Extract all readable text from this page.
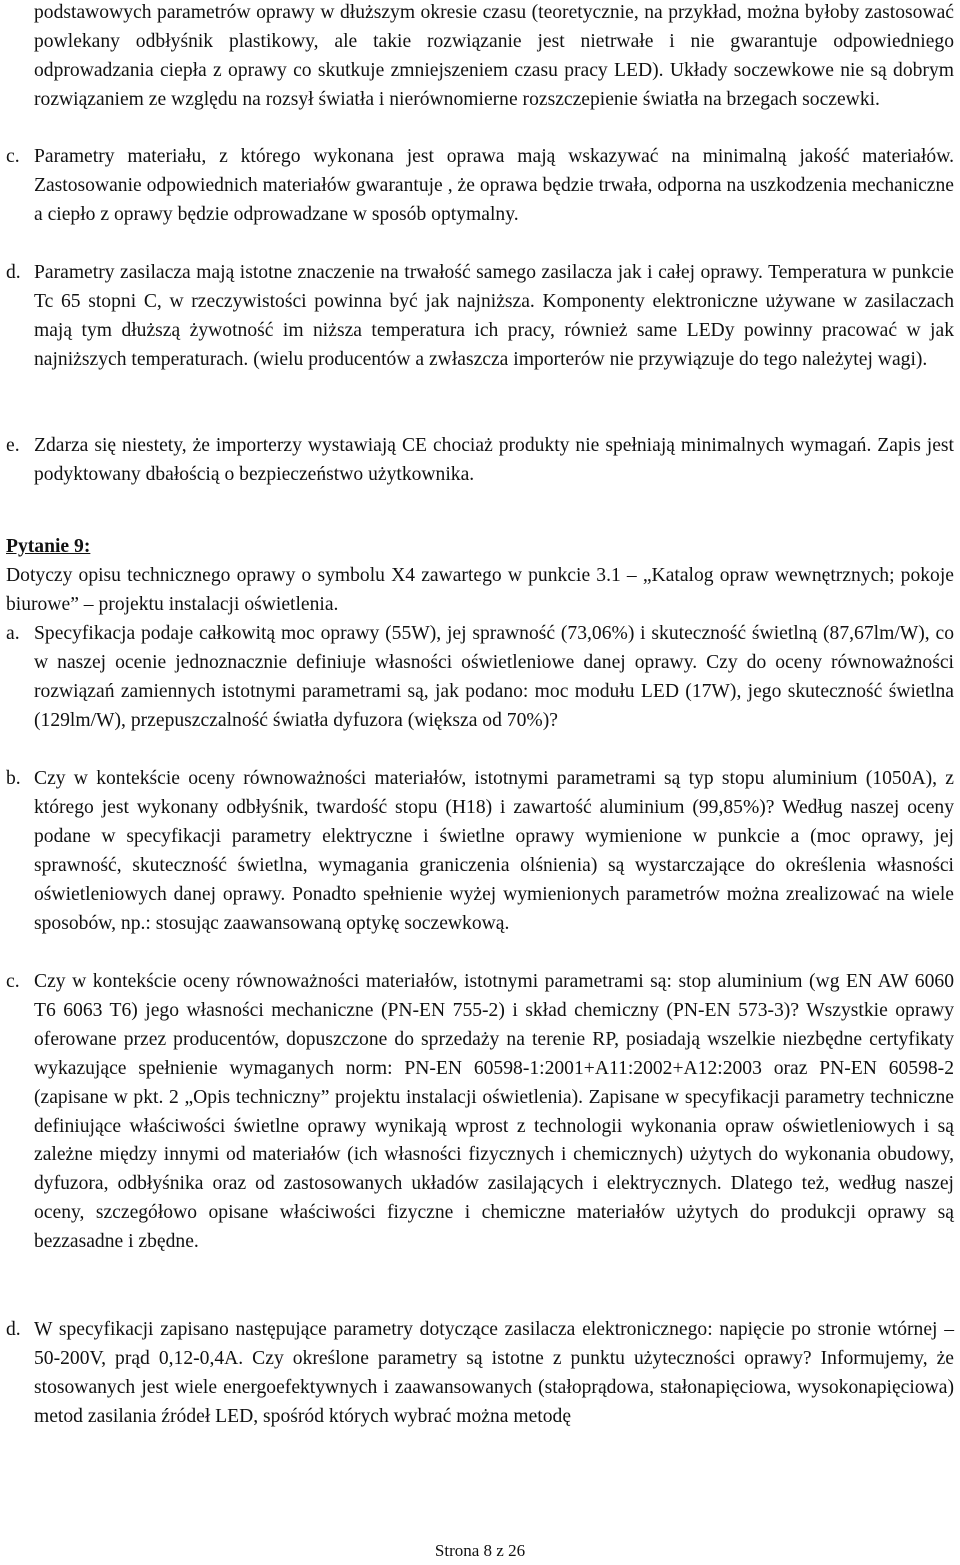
podstawowych parametrów oprawy w dłuższym okresie czasu (teoretycznie, na przykład, można byłoby zastosować powlekany odbłyśnik plastikowy, ale takie rozwiązanie jest nietrwałe i nie gwarantuje odpowiedniego odprowadzania ciepła z oprawy co skutkuje zmniejszeniem czasu pracy LED). Układy soczewkowe nie są dobrym rozwiązaniem ze względu na rozsył światła i nierównomierne rozszczepienie światła na brzegach soczewki.

c. Parametry materiału, z którego wykonana jest oprawa mają wskazywać na minimalną jakość materiałów. Zastosowanie odpowiednich materiałów gwarantuje , że oprawa będzie trwała, odporna na uszkodzenia mechaniczne a ciepło z oprawy będzie odprowadzane w sposób optymalny.
d. Parametry zasilacza mają istotne znaczenie na trwałość samego zasilacza jak i całej oprawy. Temperatura w punkcie Tc 65 stopni C, w rzeczywistości powinna być jak najniższa. Komponenty elektroniczne używane w zasilaczach mają tym dłuższą żywotność im niższa temperatura ich pracy, również same LEDy powinny pracować w jak najniższych temperaturach. (wielu producentów a zwłaszcza importerów nie przywiązuje do tego należytej wagi).
e. Zdarza się niestety, że importerzy wystawiają CE chociaż produkty nie spełniają minimalnych wymagań. Zapis jest podyktowany dbałością o bezpieczeństwo użytkownika.
Pytanie 9:

Dotyczy opisu technicznego oprawy o symbolu X4 zawartego w punkcie 3.1 – „Katalog opraw wewnętrznych; pokoje biurowe” – projektu instalacji oświetlenia.

a. Specyfikacja podaje całkowitą moc oprawy (55W), jej sprawność (73,06%) i skuteczność świetlną (87,67lm/W), co w naszej ocenie jednoznacznie definiuje własności oświetleniowe danej oprawy. Czy do oceny równoważności rozwiązań zamiennych istotnymi parametrami są, jak podano: moc modułu LED (17W), jego skuteczność świetlna (129lm/W), przepuszczalność światła dyfuzora (większa od 70%)?
b. Czy w kontekście oceny równoważności materiałów, istotnymi parametrami są typ stopu aluminium (1050A), z którego jest wykonany odbłyśnik, twardość stopu (H18) i zawartość aluminium (99,85%)? Według naszej oceny podane w specyfikacji parametry elektryczne i świetlne oprawy wymienione w punkcie a (moc oprawy, jej sprawność, skuteczność świetlna, wymagania graniczenia olśnienia) są wystarczające do określenia własności oświetleniowych danej oprawy. Ponadto spełnienie wyżej wymienionych parametrów można zrealizować na wiele sposobów, np.: stosując zaawansowaną optykę soczewkową.
c. Czy w kontekście oceny równoważności materiałów, istotnymi parametrami są: stop aluminium (wg EN AW 6060 T6 6063 T6) jego własności mechaniczne (PN-EN 755-2) i skład chemiczny (PN-EN 573-3)? Wszystkie oprawy oferowane przez producentów, dopuszczone do sprzedaży na terenie RP, posiadają wszelkie niezbędne certyfikaty wykazujące spełnienie wymaganych norm: PN-EN 60598-1:2001+A11:2002+A12:2003 oraz PN-EN 60598-2 (zapisane w pkt. 2 „Opis techniczny” projektu instalacji oświetlenia). Zapisane w specyfikacji parametry techniczne definiujące właściwości świetlne oprawy wynikają wprost z technologii wykonania opraw oświetleniowych i są zależne między innymi od materiałów (ich własności fizycznych i chemicznych) użytych do wykonania obudowy, dyfuzora, odbłyśnika oraz od zastosowanych układów zasilających i elektrycznych. Dlatego też, według naszej oceny, szczegółowo opisane właściwości fizyczne i chemiczne materiałów użytych do produkcji oprawy są bezzasadne i zbędne.
d. W specyfikacji zapisano następujące parametry dotyczące zasilacza elektronicznego: napięcie po stronie wtórnej – 50-200V, prąd 0,12-0,4A. Czy określone parametry są istotne z punktu użyteczności oprawy? Informujemy, że stosowanych jest wiele energoefektywnych i zaawansowanych (stałoprądowa, stałonapięciowa, wysokonapięciowa) metod zasilania źródeł LED, spośród których wybrać można metodę
Strona 8 z 26
